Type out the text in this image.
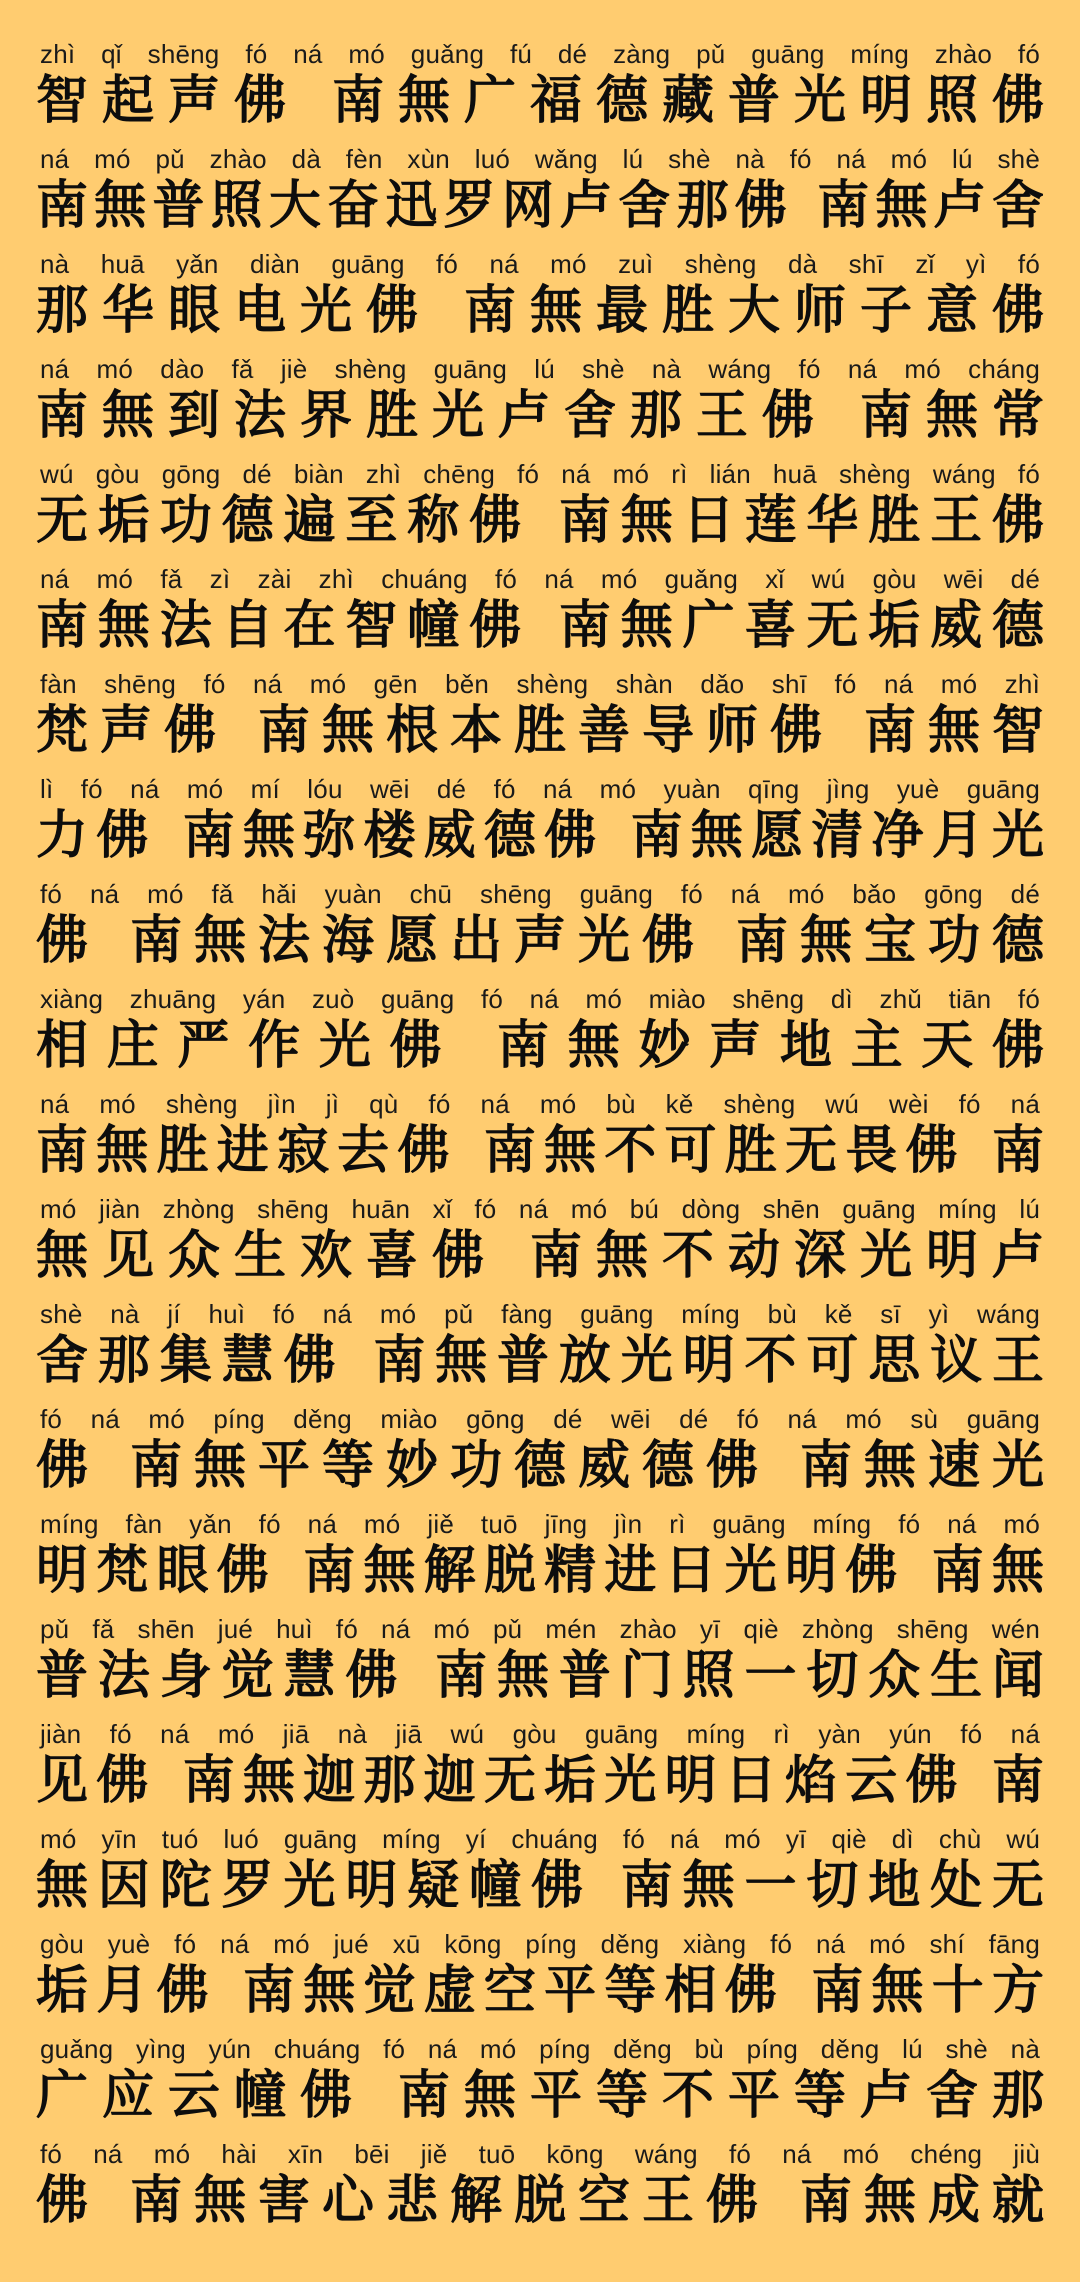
zhì qǐ shēng fó ná mó guǎng fú dé zàng pǔ guāng míng zhào fó
智起声佛 南無广福德藏普光明照佛
ná mó pǔ zhào dà fèn xùn luó wǎng lú shè nà fó ná mó lú shè
南無普照大奋迅罗网卢舍那佛 南無卢舍
nà huā yǎn diàn guāng fó ná mó zuì shèng dà shī zǐ yì fó
那华眼电光佛 南無最胜大师子意佛
ná mó dào fǎ jiè shèng guāng lú shè nà wáng fó ná mó cháng
南無到法界胜光卢舍那王佛 南無常
wú gòu gōng dé biàn zhì chēng fó ná mó rì lián huā shèng wáng fó
无垢功德遍至称佛 南無日莲华胜王佛
ná mó fǎ zì zài zhì chuáng fó ná mó guǎng xǐ wú gòu wēi dé
南無法自在智幢佛 南無广喜无垢威德
fàn shēng fó ná mó gēn běn shèng shàn dǎo shī fó ná mó zhì
梵声佛 南無根本胜善导师佛 南無智
lì fó ná mó mí lóu wēi dé fó ná mó yuàn qīng jìng yuè guāng
力佛 南無弥楼威德佛 南無愿清净月光
fó ná mó fǎ hǎi yuàn chū shēng guāng fó ná mó bǎo gōng dé
佛 南無法海愿出声光佛 南無宝功德
xiàng zhuāng yán zuò guāng fó ná mó miào shēng dì zhǔ tiān fó
相庄严作光佛 南無妙声地主天佛
ná mó shèng jìn jì qù fó ná mó bù kě shèng wú wèi fó ná
南無胜进寂去佛 南無不可胜无畏佛 南
mó jiàn zhòng shēng huān xǐ fó ná mó bú dòng shēn guāng míng lú
無见众生欢喜佛 南無不动深光明卢
shè nà jí huì fó ná mó pǔ fàng guāng míng bù kě sī yì wáng
舍那集慧佛 南無普放光明不可思议王
fó ná mó píng děng miào gōng dé wēi dé fó ná mó sù guāng
佛 南無平等妙功德威德佛 南無速光
míng fàn yǎn fó ná mó jiě tuō jīng jìn rì guāng míng fó ná mó
明梵眼佛 南無解脱精进日光明佛 南無
pǔ fǎ shēn jué huì fó ná mó pǔ mén zhào yī qiè zhòng shēng wén
普法身觉慧佛 南無普门照一切众生闻
jiàn fó ná mó jiā nà jiā wú gòu guāng míng rì yàn yún fó ná
见佛 南無迦那迦无垢光明日焰云佛 南
mó yīn tuó luó guāng míng yí chuáng fó ná mó yī qiè dì chù wú
無因陀罗光明疑幢佛 南無一切地处无
gòu yuè fó ná mó jué xū kōng píng děng xiàng fó ná mó shí fāng
垢月佛 南無觉虚空平等相佛 南無十方
guǎng yìng yún chuáng fó ná mó píng děng bù píng děng lú shè nà
广应云幢佛 南無平等不平等卢舍那
fó ná mó hài xīn bēi jiě tuō kōng wáng fó ná mó chéng jiù
佛 南無害心悲解脱空王佛 南無成就
